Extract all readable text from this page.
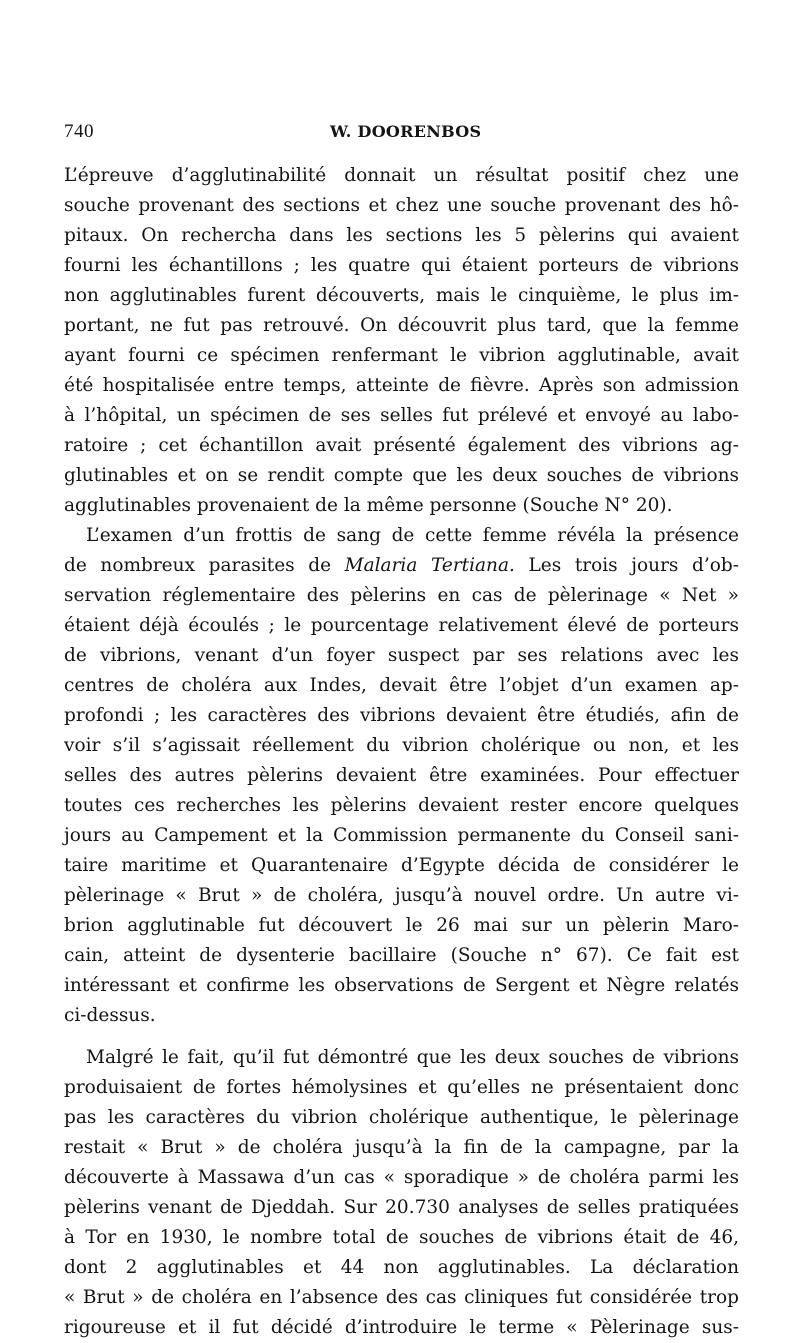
740	W. DOORENBOS
L’épreuve d’agglutinabilité donnait un résultat positif chez une
souche provenant des sections et chez une souche provenant des hô-
pitaux. On rechercha dans les sections les 5 pèlerins qui avaient
fourni les échantillons ; les quatre qui étaient porteurs de vibrions
non agglutinables furent découverts, mais le cinquième, le plus im-
portant, ne fut pas retrouvé. On découvrit plus tard, que la femme
ayant fourni ce spécimen renfermant le vibrion agglutinable, avait
été hospitalisée entre temps, atteinte de fièvre. Après son admission
à l’hôpital, un spécimen de ses selles fut prélevé et envoyé au labo-
ratoire ; cet échantillon avait présenté également des vibrions ag-
glutinables et on se rendit compte que les deux souches de vibrions
agglutinables provenaient de la même personne (Souche N° 20).
L’examen d’un frottis de sang de cette femme révéla la présence
de nombreux parasites de Malaria Tertiana. Les trois jours d’ob-
servation réglementaire des pèlerins en cas de pèlerinage « Net »
étaient déjà écoulés ; le pourcentage relativement élevé de porteurs
de vibrions, venant d’un foyer suspect par ses relations avec les
centres de choléra aux Indes, devait être l’objet d’un examen ap-
profondi ; les caractères des vibrions devaient être étudiés, afin de
voir s’il s’agissait réellement du vibrion cholérique ou non, et les
selles des autres pèlerins devaient être examinées. Pour effectuer
toutes ces recherches les pèlerins devaient rester encore quelques
jours au Campement et la Commission permanente du Conseil sani-
taire maritime et Quarantenaire d’Egypte décida de considérer le
pèlerinage « Brut » de choléra, jusqu’à nouvel ordre. Un autre vi-
brion agglutinable fut découvert le 26 mai sur un pèlerin Maro-
cain, atteint de dysenterie bacillaire (Souche n° 67). Ce fait est
intéressant et confirme les observations de Sergent et Nègre relatés
ci-dessus.
Malgré le fait, qu’il fut démontré que les deux souches de vibrions
produisaient de fortes hémolysines et qu’elles ne présentaient donc
pas les caractères du vibrion cholérique authentique, le pèlerinage
restait « Brut » de choléra jusqu’à la fin de la campagne, par la
découverte à Massawa d’un cas « sporadique » de choléra parmi les
pèlerins venant de Djeddah. Sur 20.730 analyses de selles pratiquées
à Tor en 1930, le nombre total de souches de vibrions était de 46,
dont 2 agglutinables et 44 non agglutinables. La déclaration
« Brut » de choléra en l’absence des cas cliniques fut considérée trop
rigoureuse et il fut décidé d’introduire le terme « Pèlerinage sus-
